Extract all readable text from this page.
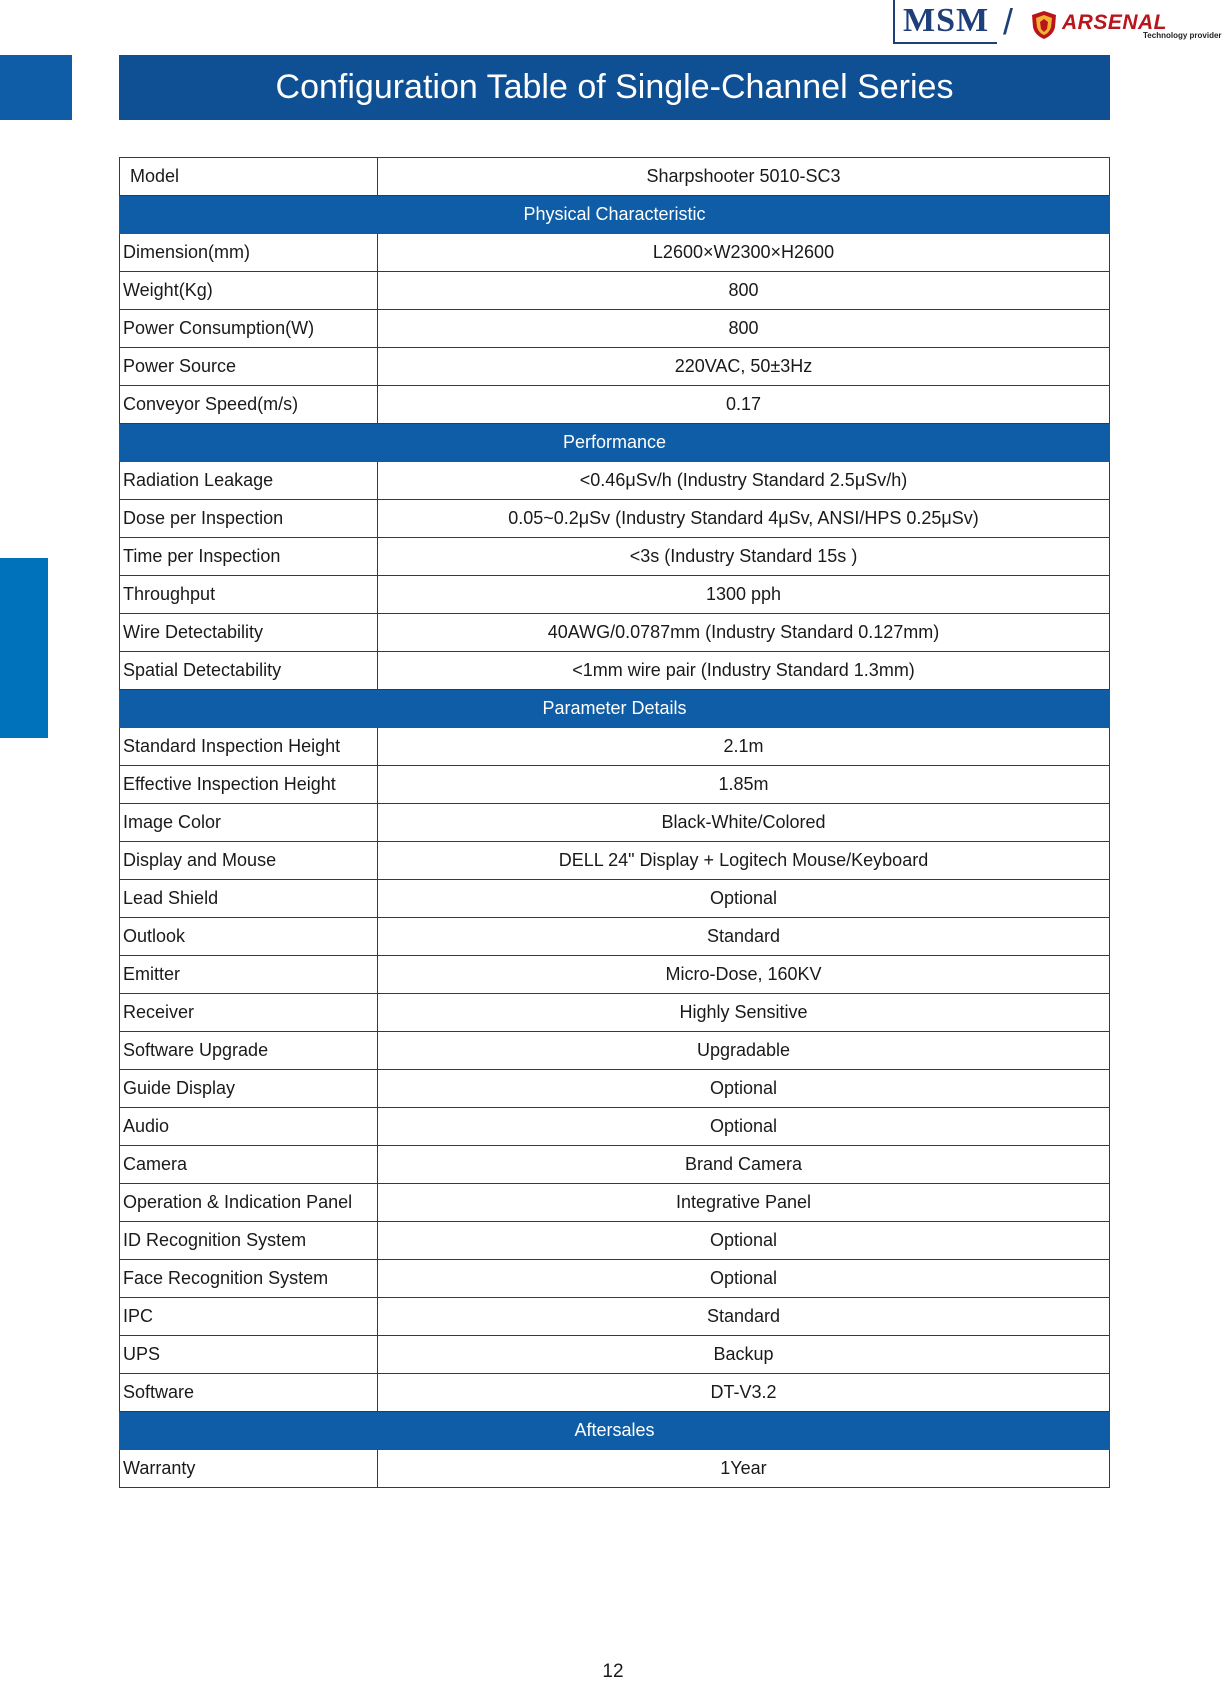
MSM / ARSENAL
Technology provider
Configuration Table of Single-Channel Series
Model	Sharpshooter 5010-SC3
Physical Characteristic	
Dimension(mm)	L2600×W2300×H2600
Weight(Kg)	800
Power Consumption(W)	800
Power Source	220VAC, 50±3Hz
Conveyor Speed(m/s)	0.17
Performance	
Radiation Leakage	<0.46μSv/h (Industry Standard 2.5μSv/h)
Dose per Inspection	0.05~0.2μSv (Industry Standard 4μSv, ANSI/HPS 0.25μSv)
Time per Inspection	<3s (Industry Standard 15s )
Throughput	1300 pph
Wire Detectability	40AWG/0.0787mm (Industry Standard 0.127mm)
Spatial Detectability	<1mm wire pair (Industry Standard 1.3mm)
Parameter Details	
Standard Inspection Height	2.1m
Effective Inspection Height	1.85m
Image Color	Black-White/Colored
Display and Mouse	DELL 24" Display + Logitech Mouse/Keyboard
Lead Shield	Optional
Outlook	Standard
Emitter	Micro-Dose, 160KV
Receiver	Highly Sensitive
Software Upgrade	Upgradable
Guide Display	Optional
Audio	Optional
Camera	Brand Camera
Operation & Indication Panel	Integrative Panel
ID Recognition System	Optional
Face Recognition System	Optional
IPC	Standard
UPS	Backup
Software	DT-V3.2
Aftersales	
Warranty	1Year
12
